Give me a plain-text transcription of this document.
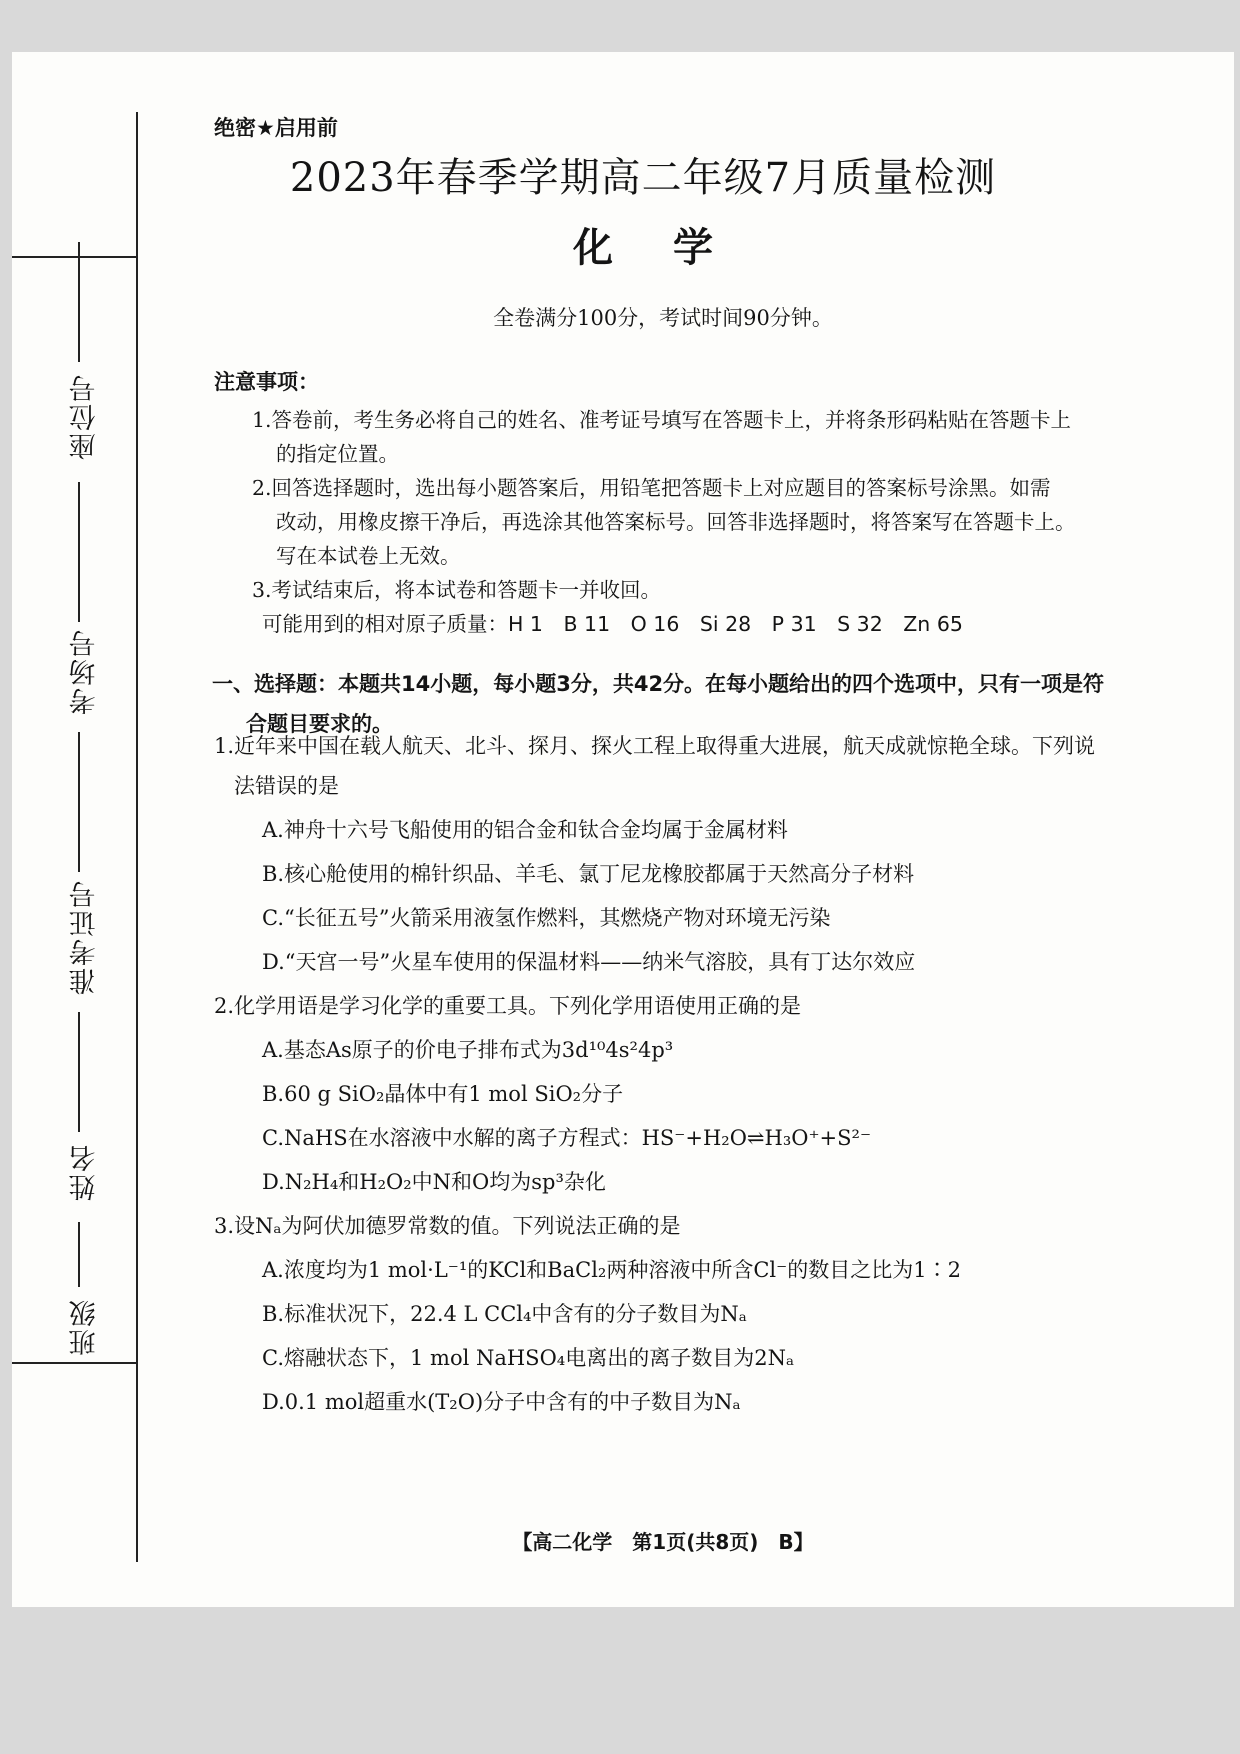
座位号
考场号
准考证号
姓名
班级
绝密★启用前
2023年春季学期高二年级7月质量检测
化学
全卷满分100分，考试时间90分钟。
注意事项：
1.答卷前，考生务必将自己的姓名、准考证号填写在答题卡上，并将条形码粘贴在答题卡上
的指定位置。
2.回答选择题时，选出每小题答案后，用铅笔把答题卡上对应题目的答案标号涂黑。如需
改动，用橡皮擦干净后，再选涂其他答案标号。回答非选择题时，将答案写在答题卡上。
写在本试卷上无效。
3.考试结束后，将本试卷和答题卡一并收回。
可能用到的相对原子质量：H 1　B 11　O 16　Si 28　P 31　S 32　Zn 65
一、选择题：本题共14小题，每小题3分，共42分。在每小题给出的四个选项中，只有一项是符
合题目要求的。
1.近年来中国在载人航天、北斗、探月、探火工程上取得重大进展，航天成就惊艳全球。下列说
法错误的是
A.神舟十六号飞船使用的铝合金和钛合金均属于金属材料
B.核心舱使用的棉针织品、羊毛、氯丁尼龙橡胶都属于天然高分子材料
C.“长征五号”火箭采用液氢作燃料，其燃烧产物对环境无污染
D.“天宫一号”火星车使用的保温材料——纳米气溶胶，具有丁达尔效应
2.化学用语是学习化学的重要工具。下列化学用语使用正确的是
A.基态As原子的价电子排布式为3d¹⁰4s²4p³
B.60 g SiO₂晶体中有1 mol SiO₂分子
C.NaHS在水溶液中水解的离子方程式：HS⁻+H₂O⇌H₃O⁺+S²⁻
D.N₂H₄和H₂O₂中N和O均为sp³杂化
3.设Nₐ为阿伏加德罗常数的值。下列说法正确的是
A.浓度均为1 mol·L⁻¹的KCl和BaCl₂两种溶液中所含Cl⁻的数目之比为1∶2
B.标准状况下，22.4 L CCl₄中含有的分子数目为Nₐ
C.熔融状态下，1 mol NaHSO₄电离出的离子数目为2Nₐ
D.0.1 mol超重水(T₂O)分子中含有的中子数目为Nₐ
【高二化学　第1页(共8页)　B】
